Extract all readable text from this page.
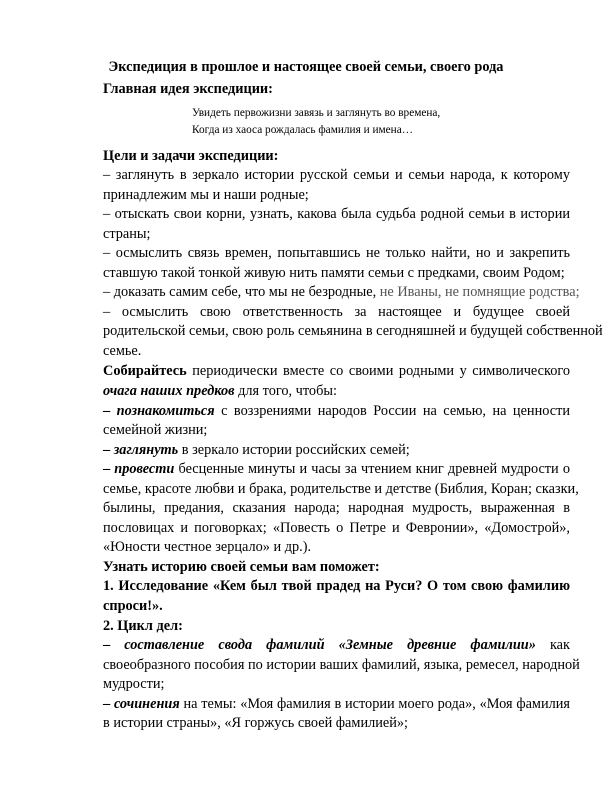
Экспедиция в прошлое и настоящее своей семьи, своего рода
Главная идея экспедиции:
Увидеть первожизни завязь и заглянуть во времена,
Когда из хаоса рождалась фамилия и имена…
Цели и задачи экспедиции:
– заглянуть в зеркало истории русской семьи и семьи народа, к которому
принадлежим мы и наши родные;
– отыскать свои корни, узнать, какова была судьба родной семьи в истории
страны;
– осмыслить связь времен, попытавшись не только найти, но и закрепить
ставшую такой тонкой живую нить памяти семьи с предками, своим Родом;
– доказать самим себе, что мы не безродные, не Иваны, не помнящие родства;
– осмыслить свою ответственность за настоящее и будущее своей
родительской семьи, свою роль семьянина в сегодняшней и будущей собственной
семье.
Собирайтесь периодически вместе со своими родными у символического
очага наших предков для того, чтобы:
– познакомиться с воззрениями народов России на семью, на ценности
семейной жизни;
– заглянуть в зеркало истории российских семей;
– провести бесценные минуты и часы за чтением книг древней мудрости о
семье, красоте любви и брака, родительстве и детстве (Библия, Коран; сказки,
былины, предания, сказания народа; народная мудрость, выраженная в
пословицах и поговорках; «Повесть о Петре и Февронии», «Домострой»,
«Юности честное зерцало» и др.).
Узнать историю своей семьи вам поможет:
1. Исследование «Кем был твой прадед на Руси? О том свою фамилию
спроси!».
2. Цикл дел:
– составление свода фамилий «Земные древние фамилии» как
своеобразного пособия по истории ваших фамилий, языка, ремесел, народной
мудрости;
– сочинения на темы: «Моя фамилия в истории моего рода», «Моя фамилия
в истории страны», «Я горжусь своей фамилией»;
